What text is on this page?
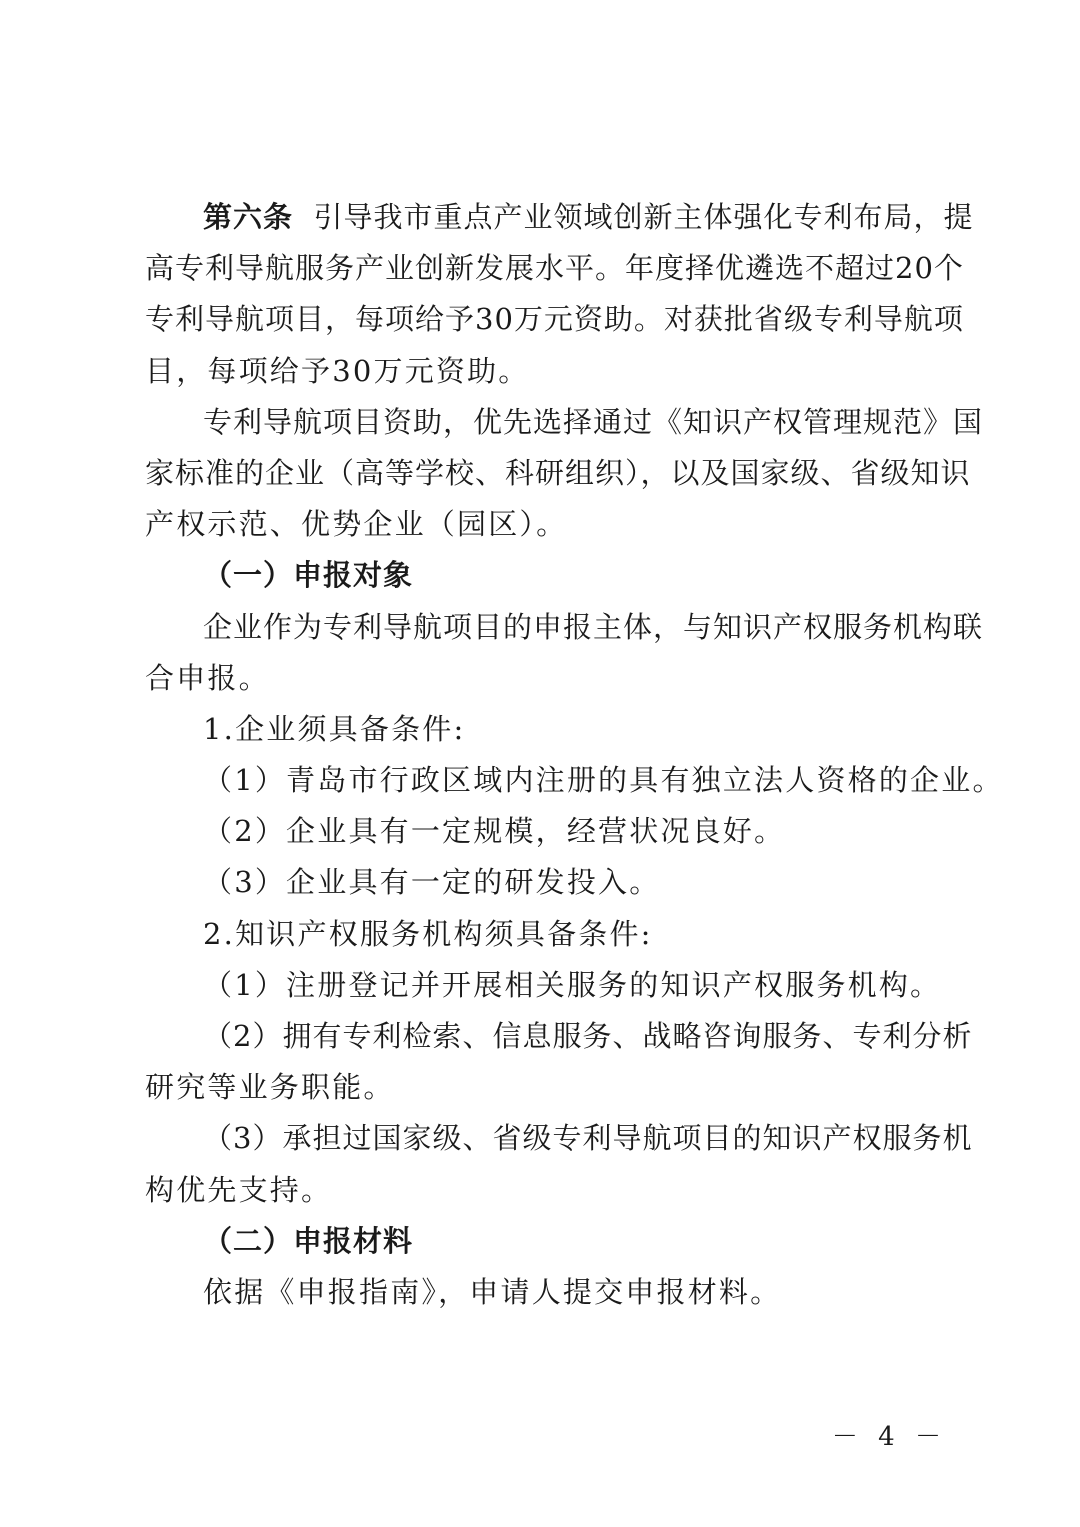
第六条 引导我市重点产业领域创新主体强化专利布局，提
高专利导航服务产业创新发展水平。年度择优遴选不超过20个
专利导航项目，每项给予30万元资助。对获批省级专利导航项
目，每项给予30万元资助。
专利导航项目资助，优先选择通过《知识产权管理规范》国
家标准的企业（高等学校、科研组织），以及国家级、省级知识
产权示范、优势企业（园区）。
（一）申报对象
企业作为专利导航项目的申报主体，与知识产权服务机构联
合申报。
1.企业须具备条件:
（1）青岛市行政区域内注册的具有独立法人资格的企业。
（2）企业具有一定规模，经营状况良好。
（3）企业具有一定的研发投入。
2.知识产权服务机构须具备条件:
（1）注册登记并开展相关服务的知识产权服务机构。
（2）拥有专利检索、信息服务、战略咨询服务、专利分析
研究等业务职能。
（3）承担过国家级、省级专利导航项目的知识产权服务机
构优先支持。
（二）申报材料
依据《申报指南》，申请人提交申报材料。
－ 4 －
